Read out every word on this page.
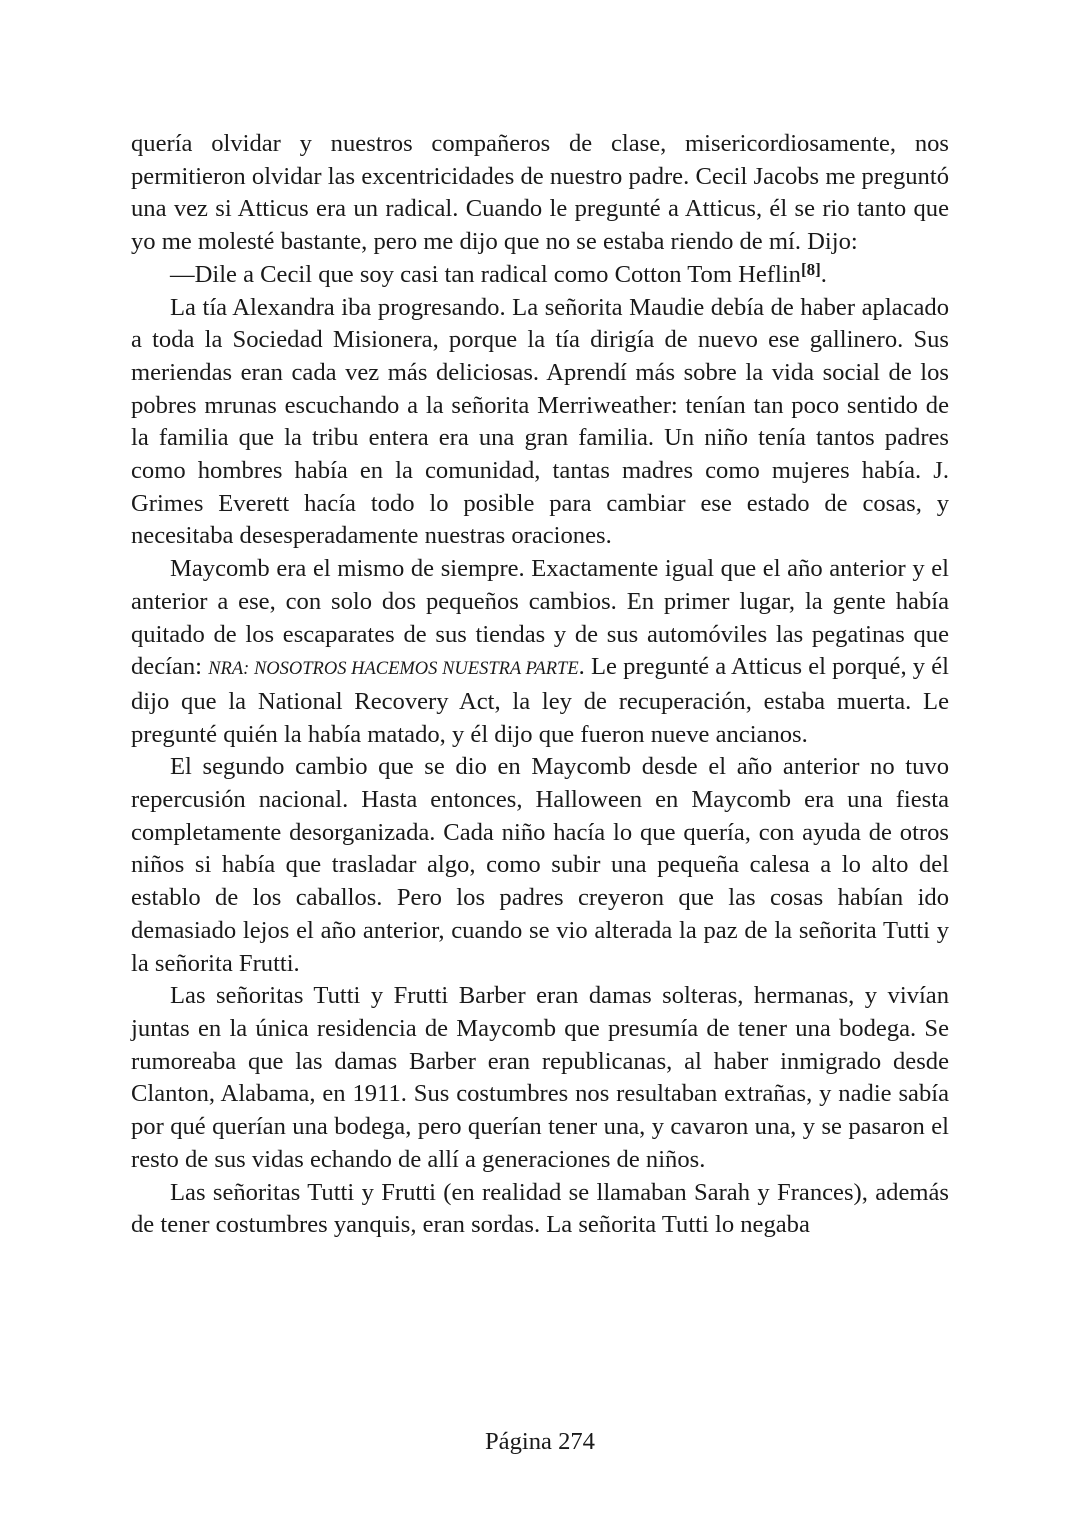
quería olvidar y nuestros compañeros de clase, misericordiosamente, nos permitieron olvidar las excentricidades de nuestro padre. Cecil Jacobs me preguntó una vez si Atticus era un radical. Cuando le pregunté a Atticus, él se rio tanto que yo me molesté bastante, pero me dijo que no se estaba riendo de mí. Dijo:

—Dile a Cecil que soy casi tan radical como Cotton Tom Heflin[8].

La tía Alexandra iba progresando. La señorita Maudie debía de haber aplacado a toda la Sociedad Misionera, porque la tía dirigía de nuevo ese gallinero. Sus meriendas eran cada vez más deliciosas. Aprendí más sobre la vida social de los pobres mrunas escuchando a la señorita Merriweather: tenían tan poco sentido de la familia que la tribu entera era una gran familia. Un niño tenía tantos padres como hombres había en la comunidad, tantas madres como mujeres había. J. Grimes Everett hacía todo lo posible para cambiar ese estado de cosas, y necesitaba desesperadamente nuestras oraciones.

Maycomb era el mismo de siempre. Exactamente igual que el año anterior y el anterior a ese, con solo dos pequeños cambios. En primer lugar, la gente había quitado de los escaparates de sus tiendas y de sus automóviles las pegatinas que decían: NRA: NOSOTROS HACEMOS NUESTRA PARTE. Le pregunté a Atticus el porqué, y él dijo que la National Recovery Act, la ley de recuperación, estaba muerta. Le pregunté quién la había matado, y él dijo que fueron nueve ancianos.

El segundo cambio que se dio en Maycomb desde el año anterior no tuvo repercusión nacional. Hasta entonces, Halloween en Maycomb era una fiesta completamente desorganizada. Cada niño hacía lo que quería, con ayuda de otros niños si había que trasladar algo, como subir una pequeña calesa a lo alto del establo de los caballos. Pero los padres creyeron que las cosas habían ido demasiado lejos el año anterior, cuando se vio alterada la paz de la señorita Tutti y la señorita Frutti.

Las señoritas Tutti y Frutti Barber eran damas solteras, hermanas, y vivían juntas en la única residencia de Maycomb que presumía de tener una bodega. Se rumoreaba que las damas Barber eran republicanas, al haber inmigrado desde Clanton, Alabama, en 1911. Sus costumbres nos resultaban extrañas, y nadie sabía por qué querían una bodega, pero querían tener una, y cavaron una, y se pasaron el resto de sus vidas echando de allí a generaciones de niños.

Las señoritas Tutti y Frutti (en realidad se llamaban Sarah y Frances), además de tener costumbres yanquis, eran sordas. La señorita Tutti lo negaba

Página 274
